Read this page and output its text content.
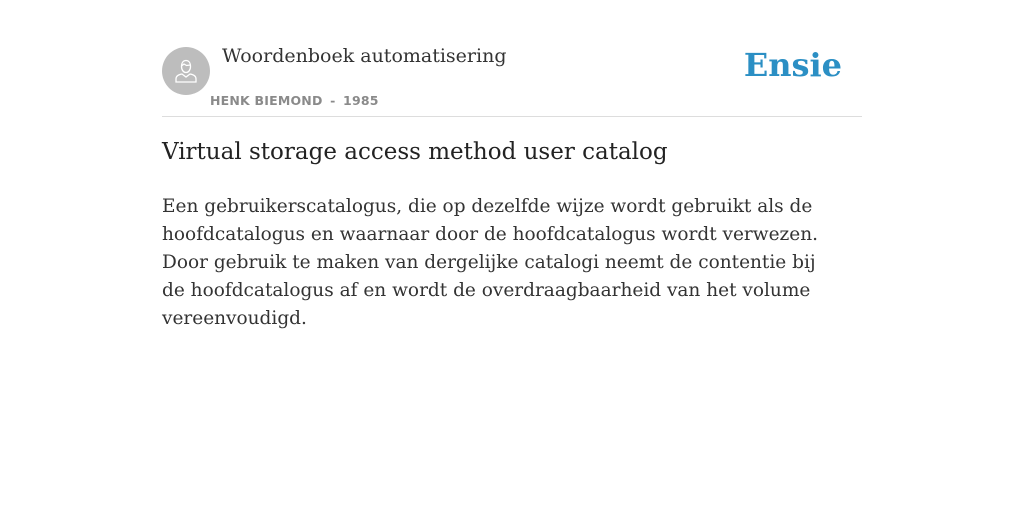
Woordenboek automatisering
HENK BIEMOND - 1985
Ensie
Virtual storage access method user catalog

Een gebruikerscatalogus, die op dezelfde wijze wordt gebruikt als de hoofdcatalogus en waarnaar door de hoofdcatalogus wordt verwezen. Door gebruik te maken van dergelijke catalogi neemt de contentie bij de hoofdcatalogus af en wordt de overdraagbaarheid van het volume vereenvoudigd.
